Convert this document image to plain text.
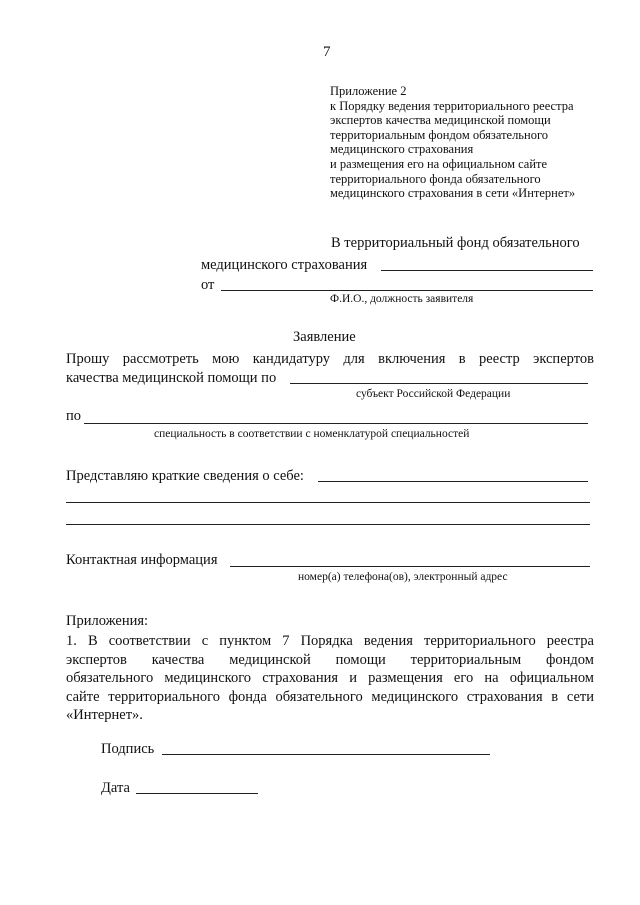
7
Приложение 2
к Порядку ведения территориального реестра
экспертов качества медицинской помощи
территориальным фондом обязательного
медицинского страхования
и размещения его на официальном сайте
территориального фонда обязательного
медицинского страхования в сети «Интернет»
В территориальный фонд обязательного
медицинского страхования
от
Ф.И.О., должность заявителя
Заявление
Прошу рассмотреть мою кандидатуру для включения в реестр экспертов
качества медицинской помощи по
субъект Российской Федерации
по
специальность в соответствии с номенклатурой специальностей
Представляю краткие сведения о себе:
Контактная информация
номер(а) телефона(ов), электронный адрес
Приложения:
1. В соответствии с пунктом 7 Порядка ведения территориального реестра
экспертов качества медицинской помощи территориальным фондом
обязательного медицинского страхования и размещения его на официальном
сайте территориального фонда обязательного медицинского страхования в сети
«Интернет».
Подпись
Дата
